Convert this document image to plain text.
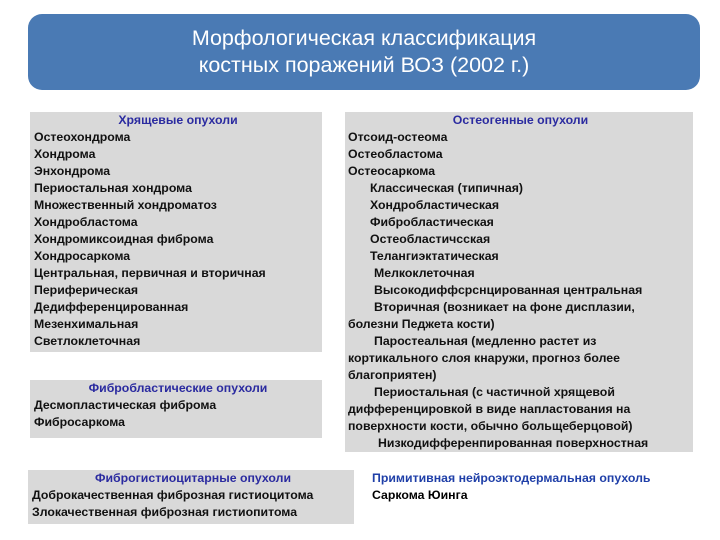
Морфологическая классификация
костных поражений ВОЗ (2002 г.)
Хрящевые опухоли
Остеохондрома
Хондрома
Энхондрома
Периостальная хондрома
Множественный хондроматоз
Хондробластома
Хондромиксоидная фиброма
Хондросаркома
Центральная, первичная и вторичная
Периферическая
Дедифференцированная
Мезенхимальная
Светлоклеточная
Фибробластические опухоли
Десмопластическая фиброма
Фибросаркома
Фиброгистиоцитарные опухоли
Доброкачественная фиброзная гистиоцитома
Злокачественная фиброзная гистиопитома
Остеогенные опухоли
Отсоид-остеома
Остеобластома
Остеосаркома
Классическая (типичная)
Хондробластическая
Фибробластическая
Остеобластичсская
Телангиэктатическая
Мелкоклеточная
Высокодиффсрснцированная центральная
Вторичная (возникает на фоне дисплазии,
болезни Педжета кости)
Паростеальная (медленно растет из
кортикального слоя кнаружи, прогноз более
благоприятен)
Периостальная (с частичной хрящевой
дифференцировкой в виде напластования на
поверхности кости, обычно больщеберцовой)
Низкодифференпированная поверхностная
Примитивная нейроэктодермальная опухоль
Саркома Юинга
